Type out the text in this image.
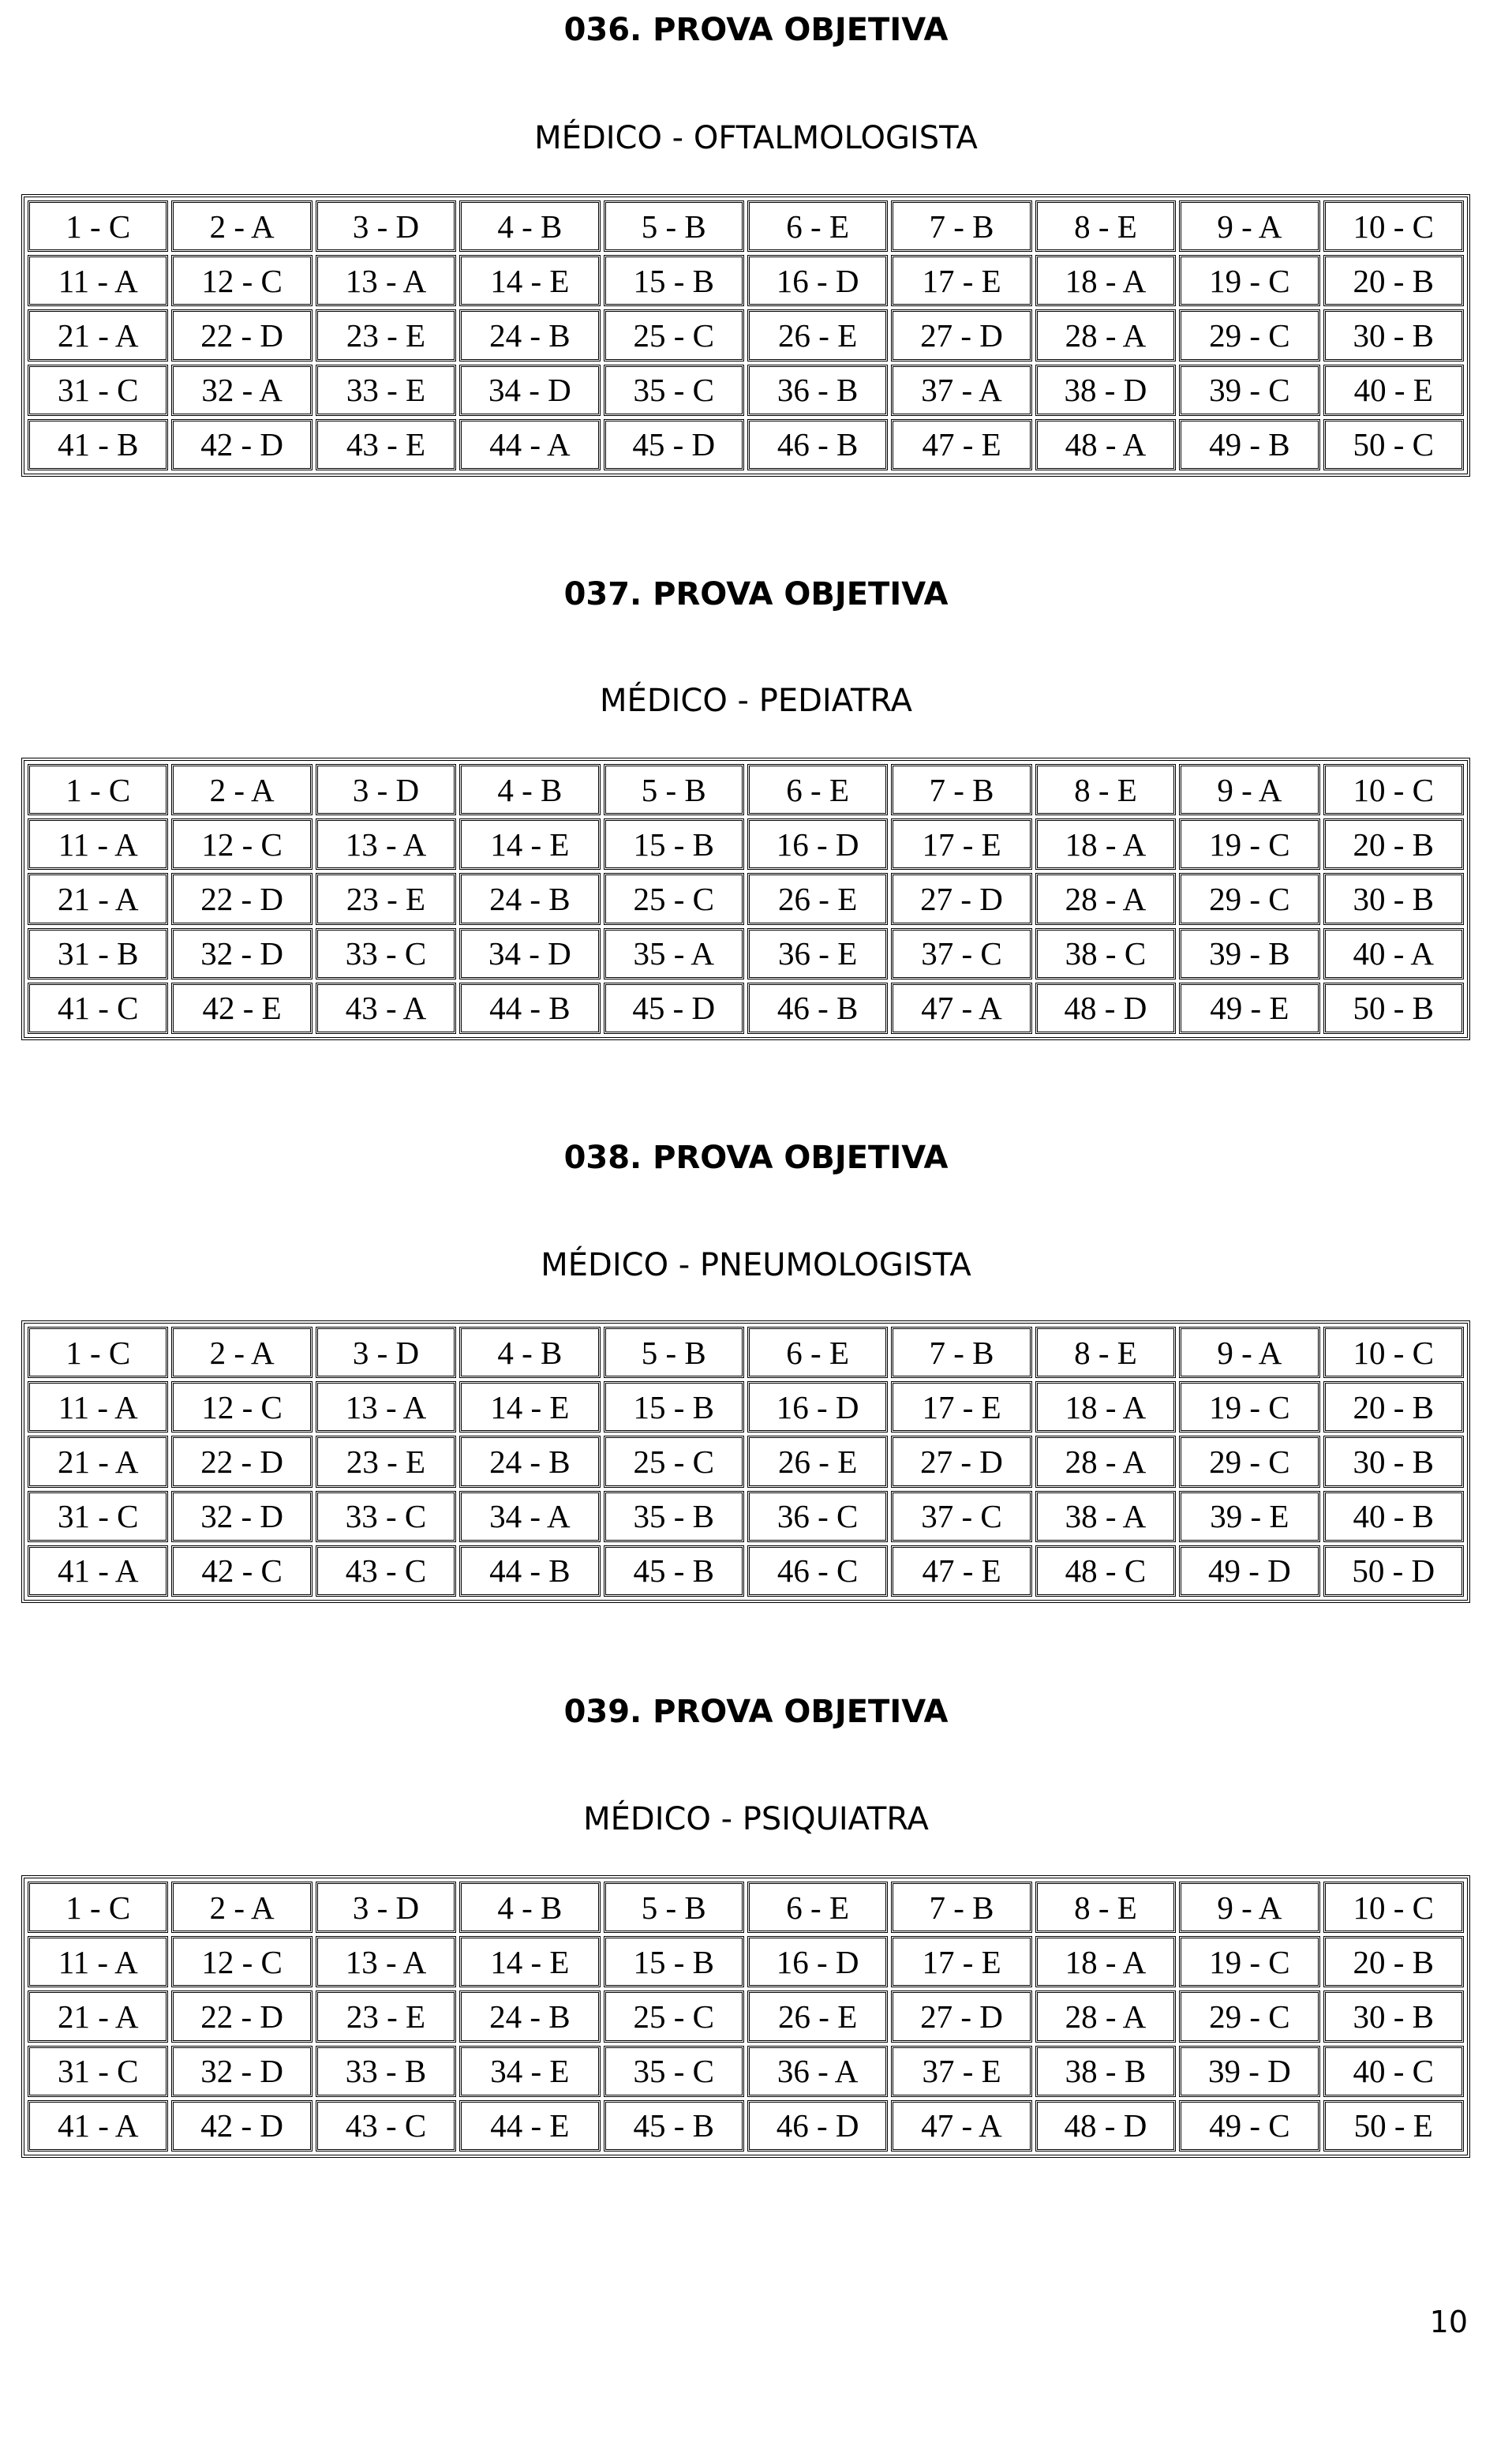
036. PROVA OBJETIVA
MÉDICO - OFTALMOLOGISTA
1 - C	2 - A	3 - D	4 - B	5 - B	6 - E	7 - B	8 - E	9 - A	10 - C
11 - A	12 - C	13 - A	14 - E	15 - B	16 - D	17 - E	18 - A	19 - C	20 - B
21 - A	22 - D	23 - E	24 - B	25 - C	26 - E	27 - D	28 - A	29 - C	30 - B
31 - C	32 - A	33 - E	34 - D	35 - C	36 - B	37 - A	38 - D	39 - C	40 - E
41 - B	42 - D	43 - E	44 - A	45 - D	46 - B	47 - E	48 - A	49 - B	50 - C
037. PROVA OBJETIVA
MÉDICO - PEDIATRA
1 - C	2 - A	3 - D	4 - B	5 - B	6 - E	7 - B	8 - E	9 - A	10 - C
11 - A	12 - C	13 - A	14 - E	15 - B	16 - D	17 - E	18 - A	19 - C	20 - B
21 - A	22 - D	23 - E	24 - B	25 - C	26 - E	27 - D	28 - A	29 - C	30 - B
31 - B	32 - D	33 - C	34 - D	35 - A	36 - E	37 - C	38 - C	39 - B	40 - A
41 - C	42 - E	43 - A	44 - B	45 - D	46 - B	47 - A	48 - D	49 - E	50 - B
038. PROVA OBJETIVA
MÉDICO - PNEUMOLOGISTA
1 - C	2 - A	3 - D	4 - B	5 - B	6 - E	7 - B	8 - E	9 - A	10 - C
11 - A	12 - C	13 - A	14 - E	15 - B	16 - D	17 - E	18 - A	19 - C	20 - B
21 - A	22 - D	23 - E	24 - B	25 - C	26 - E	27 - D	28 - A	29 - C	30 - B
31 - C	32 - D	33 - C	34 - A	35 - B	36 - C	37 - C	38 - A	39 - E	40 - B
41 - A	42 - C	43 - C	44 - B	45 - B	46 - C	47 - E	48 - C	49 - D	50 - D
039. PROVA OBJETIVA
MÉDICO - PSIQUIATRA
1 - C	2 - A	3 - D	4 - B	5 - B	6 - E	7 - B	8 - E	9 - A	10 - C
11 - A	12 - C	13 - A	14 - E	15 - B	16 - D	17 - E	18 - A	19 - C	20 - B
21 - A	22 - D	23 - E	24 - B	25 - C	26 - E	27 - D	28 - A	29 - C	30 - B
31 - C	32 - D	33 - B	34 - E	35 - C	36 - A	37 - E	38 - B	39 - D	40 - C
41 - A	42 - D	43 - C	44 - E	45 - B	46 - D	47 - A	48 - D	49 - C	50 - E
10
